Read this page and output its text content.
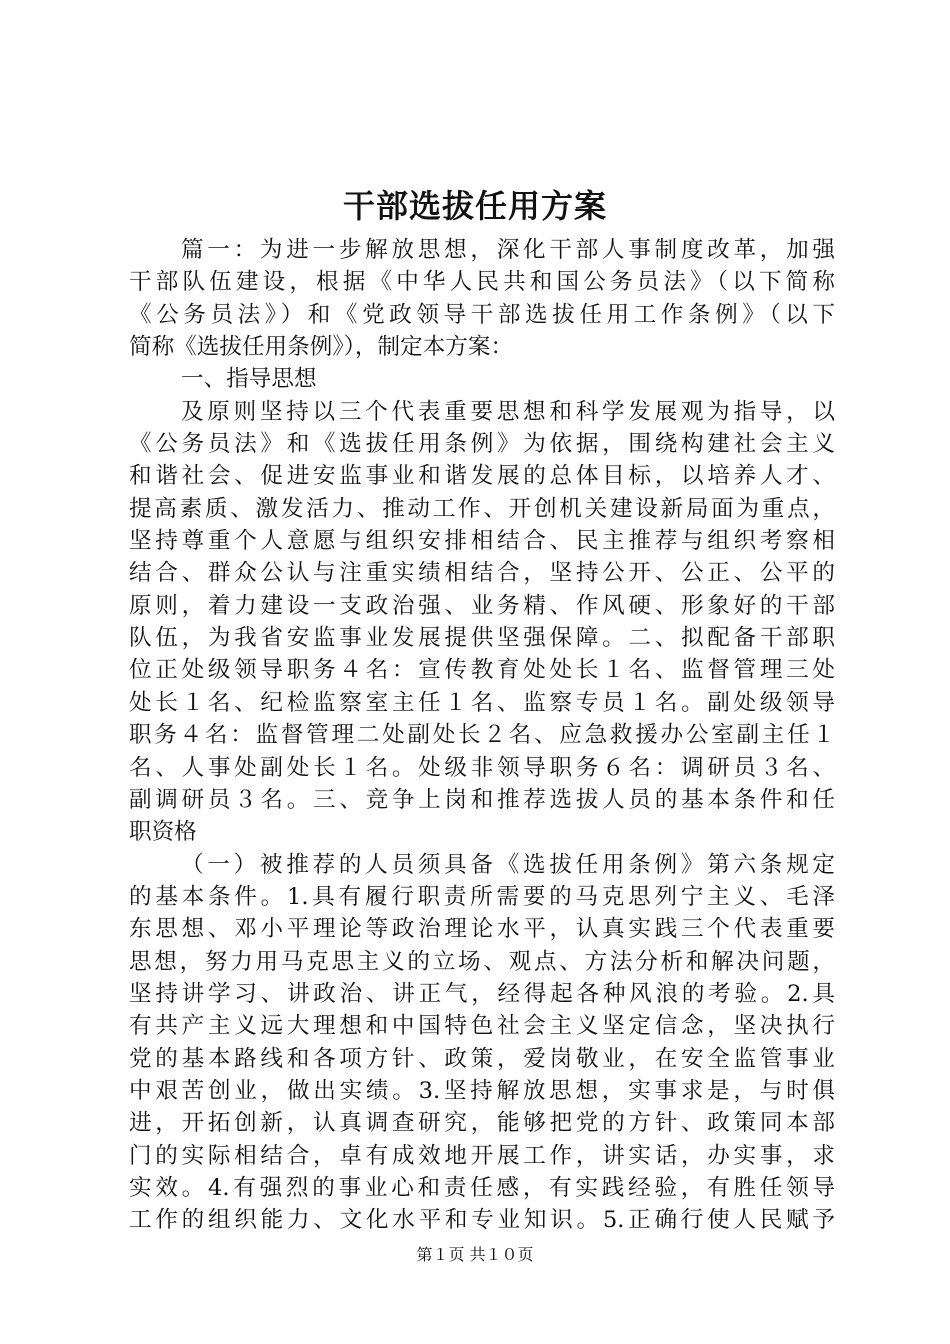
干部选拔任用方案
篇一：为进一步解放思想，深化干部人事制度改革，加强
干部队伍建设，根据《中华人民共和国公务员法》（以下简称
《公务员法》）和《党政领导干部选拔任用工作条例》（以下
简称《选拔任用条例》），制定本方案：
一、指导思想
及原则坚持以三个代表重要思想和科学发展观为指导，以
《公务员法》和《选拔任用条例》为依据，围绕构建社会主义
和谐社会、促进安监事业和谐发展的总体目标，以培养人才、
提高素质、激发活力、推动工作、开创机关建设新局面为重点，
坚持尊重个人意愿与组织安排相结合、民主推荐与组织考察相
结合、群众公认与注重实绩相结合，坚持公开、公正、公平的
原则，着力建设一支政治强、业务精、作风硬、形象好的干部
队伍，为我省安监事业发展提供坚强保障。二、拟配备干部职
位正处级领导职务４名：宣传教育处处长１名、监督管理三处
处长１名、纪检监察室主任１名、监察专员１名。副处级领导
职务４名：监督管理二处副处长２名、应急救援办公室副主任１
名、人事处副处长１名。处级非领导职务６名：调研员３名、
副调研员３名。三、竞争上岗和推荐选拔人员的基本条件和任
职资格
（一）被推荐的人员须具备《选拔任用条例》第六条规定
的基本条件。1.具有履行职责所需要的马克思列宁主义、毛泽
东思想、邓小平理论等政治理论水平，认真实践三个代表重要
思想，努力用马克思主义的立场、观点、方法分析和解决问题，
坚持讲学习、讲政治、讲正气，经得起各种风浪的考验。2.具
有共产主义远大理想和中国特色社会主义坚定信念，坚决执行
党的基本路线和各项方针、政策，爱岗敬业，在安全监管事业
中艰苦创业，做出实绩。3.坚持解放思想，实事求是，与时俱
进，开拓创新，认真调查研究，能够把党的方针、政策同本部
门的实际相结合，卓有成效地开展工作，讲实话，办实事，求
实效。4.有强烈的事业心和责任感，有实践经验，有胜任领导
工作的组织能力、文化水平和专业知识。5.正确行使人民赋予
第１页 共１０页
